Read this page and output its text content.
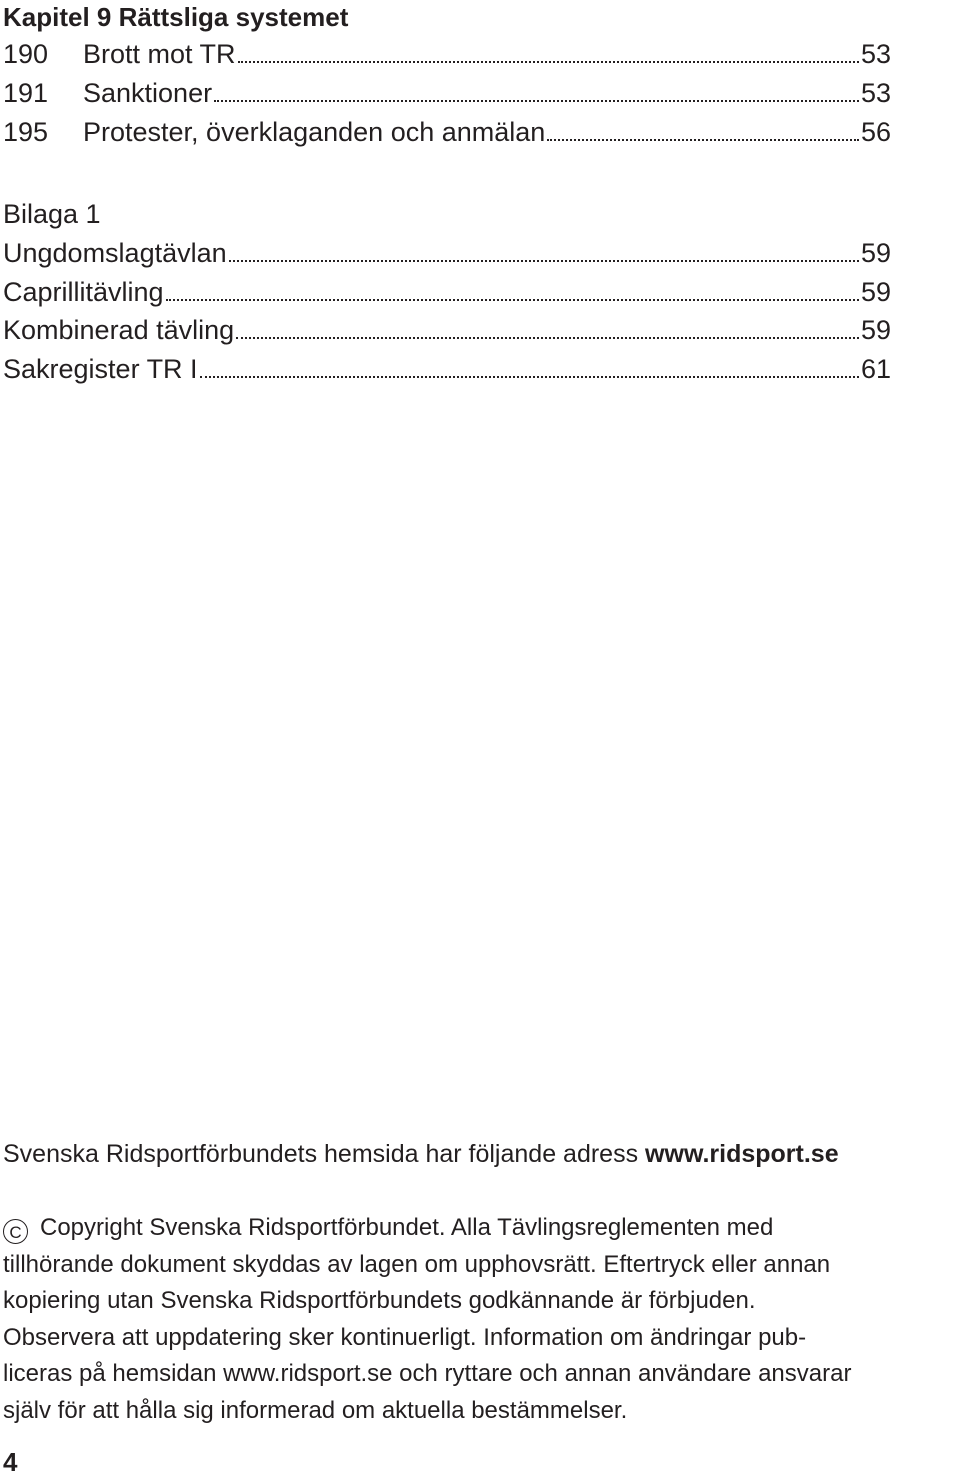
Kapitel 9 Rättsliga systemet
190	Brott mot TR	53
191	Sanktioner	53
195	Protester, överklaganden och anmälan	56
Bilaga 1
Ungdomslagtävlan	59
Caprillitävling	59
Kombinerad tävling	59
Sakregister TR I	61
Svenska Ridsportförbundets hemsida har följande adress www.ridsport.se
C Copyright Svenska Ridsportförbundet. Alla Tävlingsreglementen med
tillhörande dokument skyddas av lagen om upphovsrätt. Eftertryck eller annan
kopiering utan Svenska Ridsportförbundets godkännande är förbjuden.
Observera att uppdatering sker kontinuerligt. Information om ändringar pub-
liceras på hemsidan www.ridsport.se och ryttare och annan användare ansvarar
själv för att hålla sig informerad om aktuella bestämmelser.
4
